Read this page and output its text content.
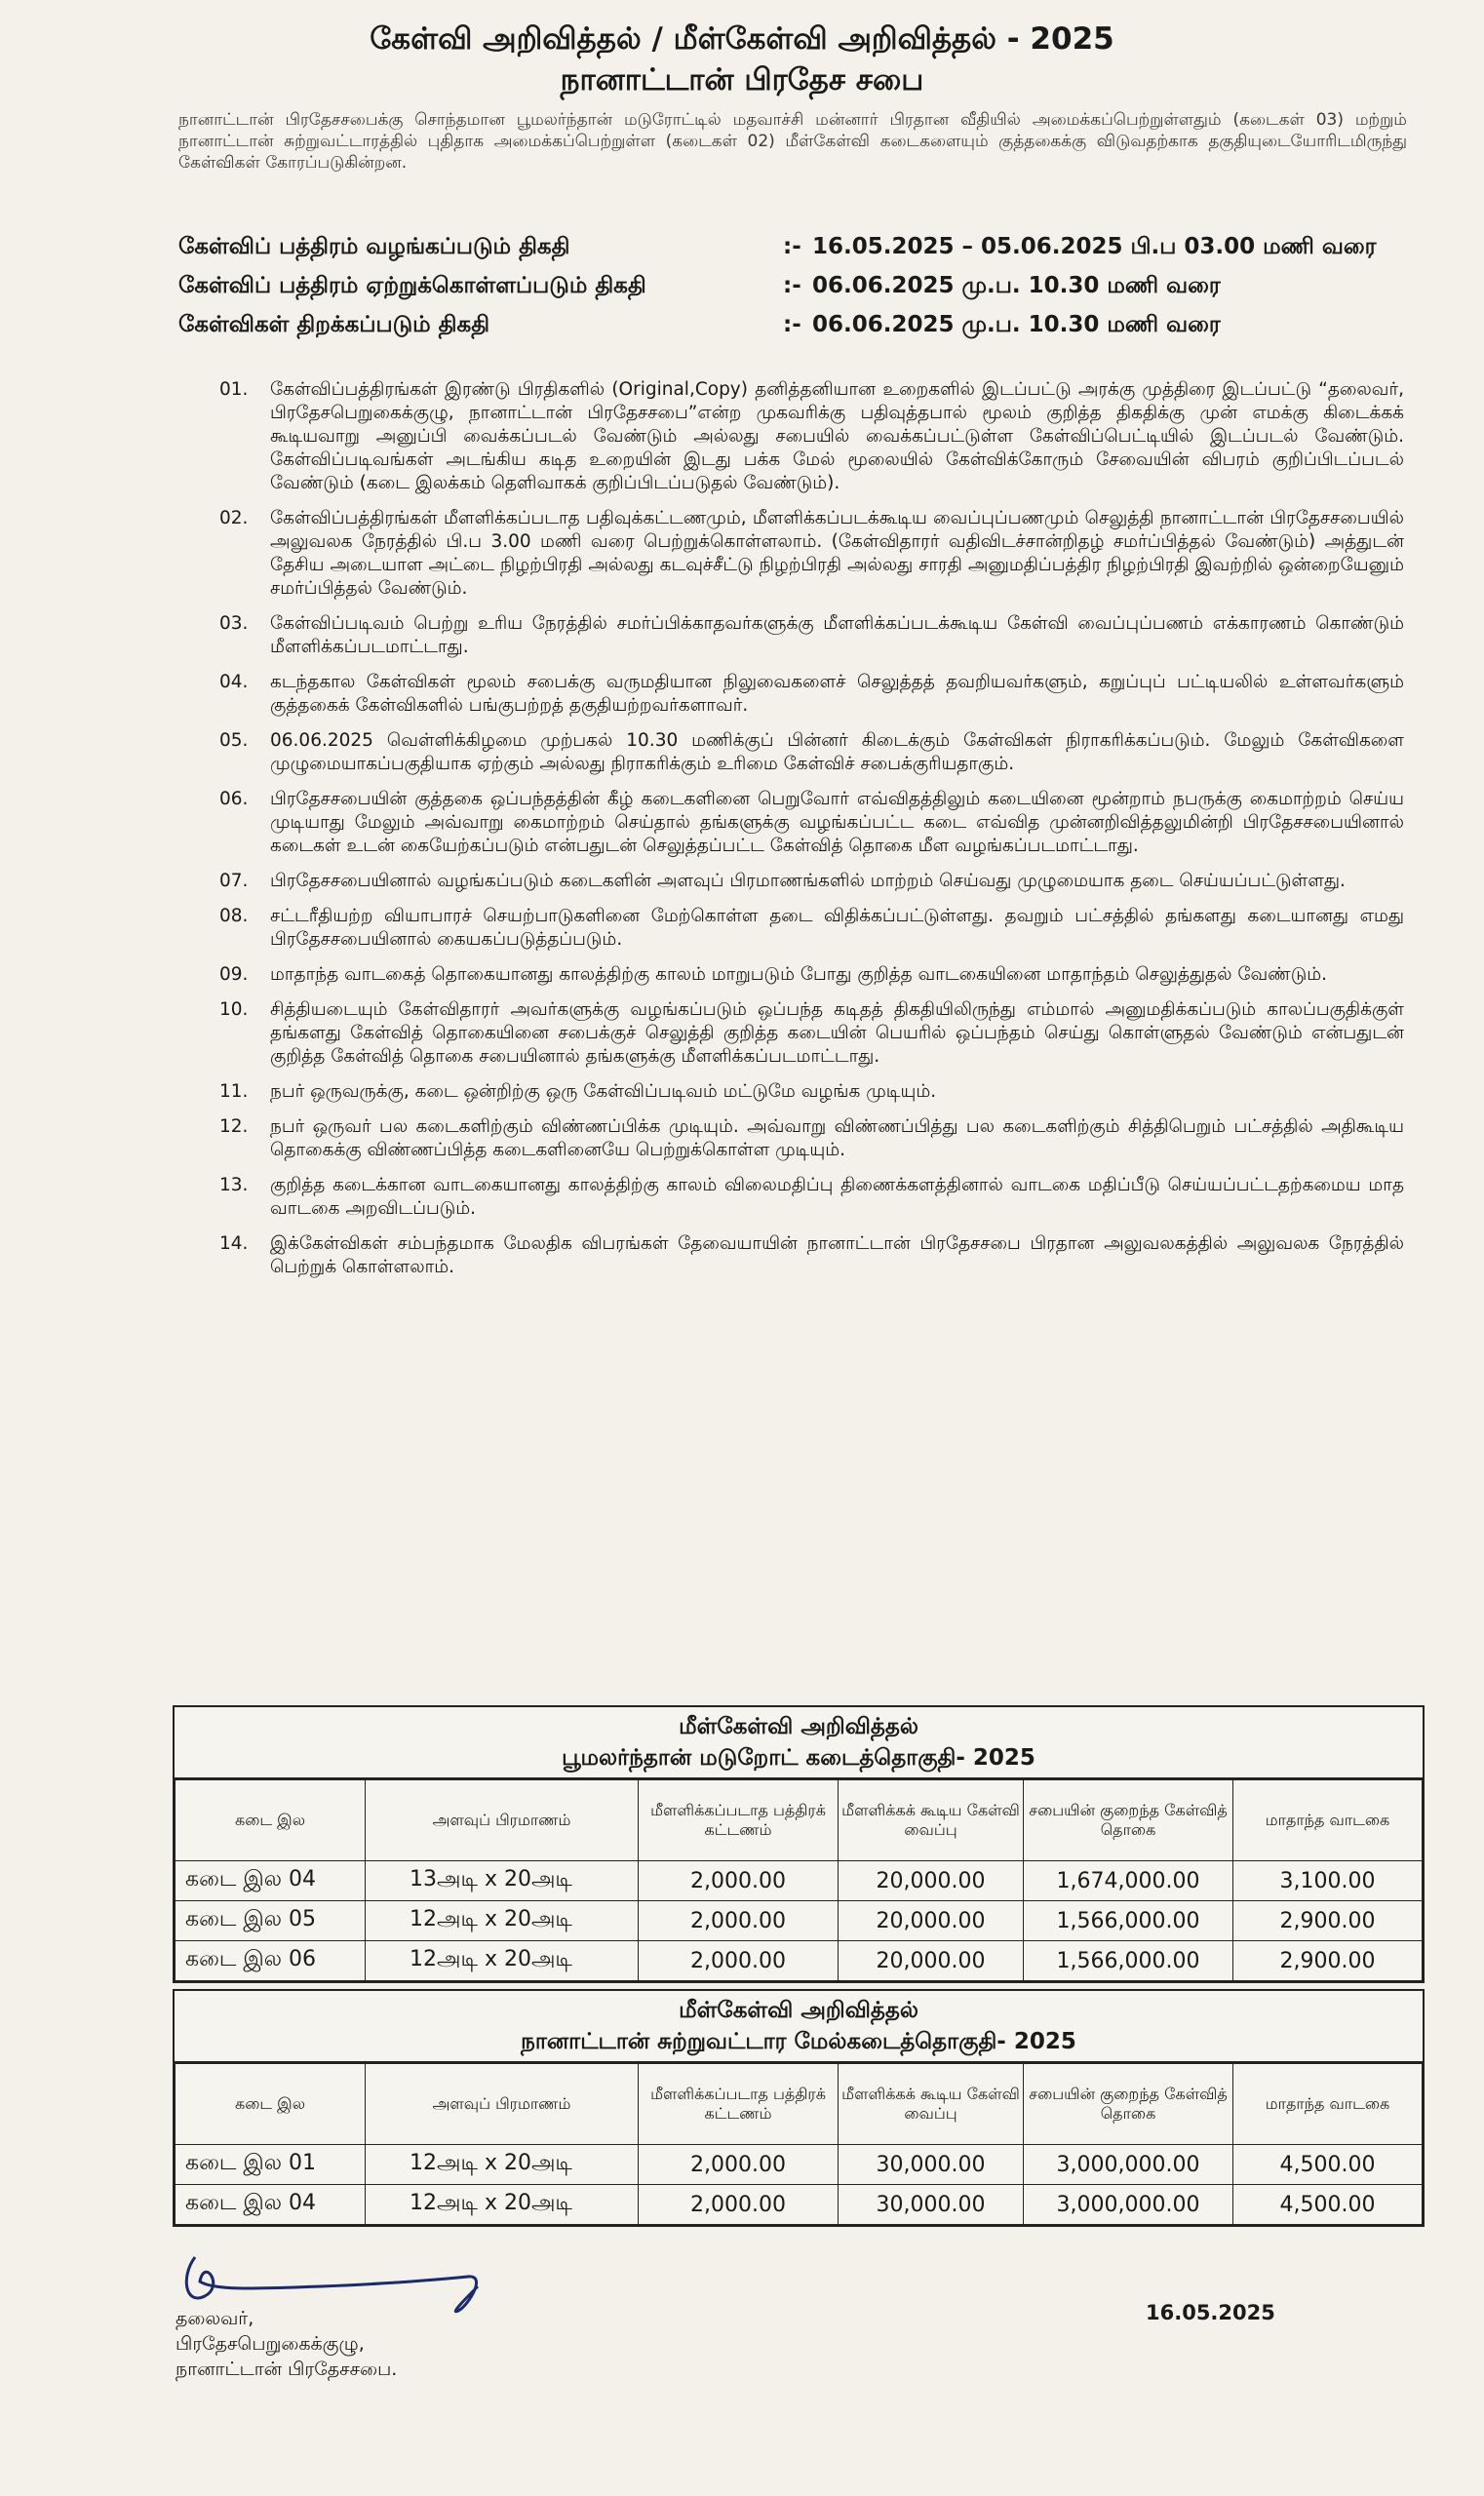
கேள்வி அறிவித்தல் / மீள்கேள்வி அறிவித்தல் - 2025
நானாட்டான் பிரதேச சபை
நானாட்டான் பிரதேசசபைக்கு சொந்தமான பூமலர்ந்தான் மடுரோட்டில் மதவாச்சி மன்னார் பிரதான வீதியில் அமைக்கப்பெற்றுள்ளதும் (கடைகள் 03) மற்றும் நானாட்டான் சுற்றுவட்டாரத்தில் புதிதாக அமைக்கப்பெற்றுள்ள (கடைகள் 02) மீள்கேள்வி கடைகளையும் குத்தகைக்கு விடுவதற்காக தகுதியுடையோரிடமிருந்து கேள்விகள் கோரப்படுகின்றன.
கேள்விப் பத்திரம் வழங்கப்படும் திகதி	:- 16.05.2025 – 05.06.2025 பி.ப 03.00 மணி வரை
கேள்விப் பத்திரம் ஏற்றுக்கொள்ளப்படும் திகதி	:- 06.06.2025 மு.ப. 10.30 மணி வரை
கேள்விகள் திறக்கப்படும் திகதி	:- 06.06.2025 மு.ப. 10.30 மணி வரை
01. கேள்விப்பத்திரங்கள் இரண்டு பிரதிகளில் (Original,Copy) தனித்தனியான உறைகளில் இடப்பட்டு அரக்கு முத்திரை இடப்பட்டு “தலைவர், பிரதேசபெறுகைக்குழு, நானாட்டான் பிரதேசசபை”என்ற முகவரிக்கு பதிவுத்தபால் மூலம் குறித்த திகதிக்கு முன் எமக்கு கிடைக்கக் கூடியவாறு அனுப்பி வைக்கப்படல் வேண்டும் அல்லது சபையில் வைக்கப்பட்டுள்ள கேள்விப்பெட்டியில் இடப்படல் வேண்டும். கேள்விப்படிவங்கள் அடங்கிய கடித உறையின் இடது பக்க மேல் மூலையில் கேள்விக்கோரும் சேவையின் விபரம் குறிப்பிடப்படல் வேண்டும் (கடை இலக்கம் தெளிவாகக் குறிப்பிடப்படுதல் வேண்டும்).
02. கேள்விப்பத்திரங்கள் மீளளிக்கப்படாத பதிவுக்கட்டணமும், மீளளிக்கப்படக்கூடிய வைப்புப்பணமும் செலுத்தி நானாட்டான் பிரதேசசபையில் அலுவலக நேரத்தில் பி.ப 3.00 மணி வரை பெற்றுக்கொள்ளலாம். (கேள்விதாரர் வதிவிடச்சான்றிதழ் சமர்ப்பித்தல் வேண்டும்) அத்துடன் தேசிய அடையாள அட்டை நிழற்பிரதி அல்லது கடவுச்சீட்டு நிழற்பிரதி அல்லது சாரதி அனுமதிப்பத்திர நிழற்பிரதி இவற்றில் ஒன்றையேனும் சமர்ப்பித்தல் வேண்டும்.
03. கேள்விப்படிவம் பெற்று உரிய நேரத்தில் சமர்ப்பிக்காதவர்களுக்கு மீளளிக்கப்படக்கூடிய கேள்வி வைப்புப்பணம் எக்காரணம் கொண்டும் மீளளிக்கப்படமாட்டாது.
04. கடந்தகால கேள்விகள் மூலம் சபைக்கு வருமதியான நிலுவைகளைச் செலுத்தத் தவறியவர்களும், கறுப்புப் பட்டியலில் உள்ளவர்களும் குத்தகைக் கேள்விகளில் பங்குபற்றத் தகுதியற்றவர்களாவர்.
05. 06.06.2025 வெள்ளிக்கிழமை முற்பகல் 10.30 மணிக்குப் பின்னர் கிடைக்கும் கேள்விகள் நிராகரிக்கப்படும். மேலும் கேள்விகளை முழுமையாகப்பகுதியாக ஏற்கும் அல்லது நிராகரிக்கும் உரிமை கேள்விச் சபைக்குரியதாகும்.
06. பிரதேசசபையின் குத்தகை ஒப்பந்தத்தின் கீழ் கடைகளினை பெறுவோர் எவ்விதத்திலும் கடையினை மூன்றாம் நபருக்கு கைமாற்றம் செய்ய முடியாது மேலும் அவ்வாறு கைமாற்றம் செய்தால் தங்களுக்கு வழங்கப்பட்ட கடை எவ்வித முன்னறிவித்தலுமின்றி பிரதேசசபையினால் கடைகள் உடன் கையேற்கப்படும் என்பதுடன் செலுத்தப்பட்ட கேள்வித் தொகை மீள வழங்கப்படமாட்டாது.
07. பிரதேசசபையினால் வழங்கப்படும் கடைகளின் அளவுப் பிரமாணங்களில் மாற்றம் செய்வது முழுமையாக தடை செய்யப்பட்டுள்ளது.
08. சட்டரீதியற்ற வியாபாரச் செயற்பாடுகளினை மேற்கொள்ள தடை விதிக்கப்பட்டுள்ளது. தவறும் பட்சத்தில் தங்களது கடையானது எமது பிரதேசசபையினால் கையகப்படுத்தப்படும்.
09. மாதாந்த வாடகைத் தொகையானது காலத்திற்கு காலம் மாறுபடும் போது குறித்த வாடகையினை மாதாந்தம் செலுத்துதல் வேண்டும்.
10. சித்தியடையும் கேள்விதாரர் அவர்களுக்கு வழங்கப்படும் ஒப்பந்த கடிதத் திகதியிலிருந்து எம்மால் அனுமதிக்கப்படும் காலப்பகுதிக்குள் தங்களது கேள்வித் தொகையினை சபைக்குச் செலுத்தி குறித்த கடையின் பெயரில் ஒப்பந்தம் செய்து கொள்ளுதல் வேண்டும் என்பதுடன் குறித்த கேள்வித் தொகை சபையினால் தங்களுக்கு மீளளிக்கப்படமாட்டாது.
11. நபர் ஒருவருக்கு, கடை ஒன்றிற்கு ஒரு கேள்விப்படிவம் மட்டுமே வழங்க முடியும்.
12. நபர் ஒருவர் பல கடைகளிற்கும் விண்ணப்பிக்க முடியும். அவ்வாறு விண்ணப்பித்து பல கடைகளிற்கும் சித்திபெறும் பட்சத்தில் அதிகூடிய தொகைக்கு விண்ணப்பித்த கடைகளினையே பெற்றுக்கொள்ள முடியும்.
13. குறித்த கடைக்கான வாடகையானது காலத்திற்கு காலம் விலைமதிப்பு திணைக்களத்தினால் வாடகை மதிப்பீடு செய்யப்பட்டதற்கமைய மாத வாடகை அறவிடப்படும்.
14. இக்கேள்விகள் சம்பந்தமாக மேலதிக விபரங்கள் தேவையாயின் நானாட்டான் பிரதேசசபை பிரதான அலுவலகத்தில் அலுவலக நேரத்தில் பெற்றுக் கொள்ளலாம்.
மீள்கேள்வி அறிவித்தல்
பூமலர்ந்தான் மடுறோட் கடைத்தொகுதி- 2025
கடை இல	அளவுப் பிரமாணம்	மீளளிக்கப்படாத பத்திரக் கட்டணம்	மீளளிக்கக் கூடிய கேள்வி வைப்பு	சபையின் குறைந்த கேள்வித் தொகை	மாதாந்த வாடகை
கடை இல 04	13அடி x 20அடி	2,000.00	20,000.00	1,674,000.00	3,100.00
கடை இல 05	12அடி x 20அடி	2,000.00	20,000.00	1,566,000.00	2,900.00
கடை இல 06	12அடி x 20அடி	2,000.00	20,000.00	1,566,000.00	2,900.00
மீள்கேள்வி அறிவித்தல்
நானாட்டான் சுற்றுவட்டார மேல்கடைத்தொகுதி- 2025
கடை இல	அளவுப் பிரமாணம்	மீளளிக்கப்படாத பத்திரக் கட்டணம்	மீளளிக்கக் கூடிய கேள்வி வைப்பு	சபையின் குறைந்த கேள்வித் தொகை	மாதாந்த வாடகை
கடை இல 01	12அடி x 20அடி	2,000.00	30,000.00	3,000,000.00	4,500.00
கடை இல 04	12அடி x 20அடி	2,000.00	30,000.00	3,000,000.00	4,500.00
தலைவர்,
பிரதேசபெறுகைக்குழு,
நானாட்டான் பிரதேசசபை.
16.05.2025
